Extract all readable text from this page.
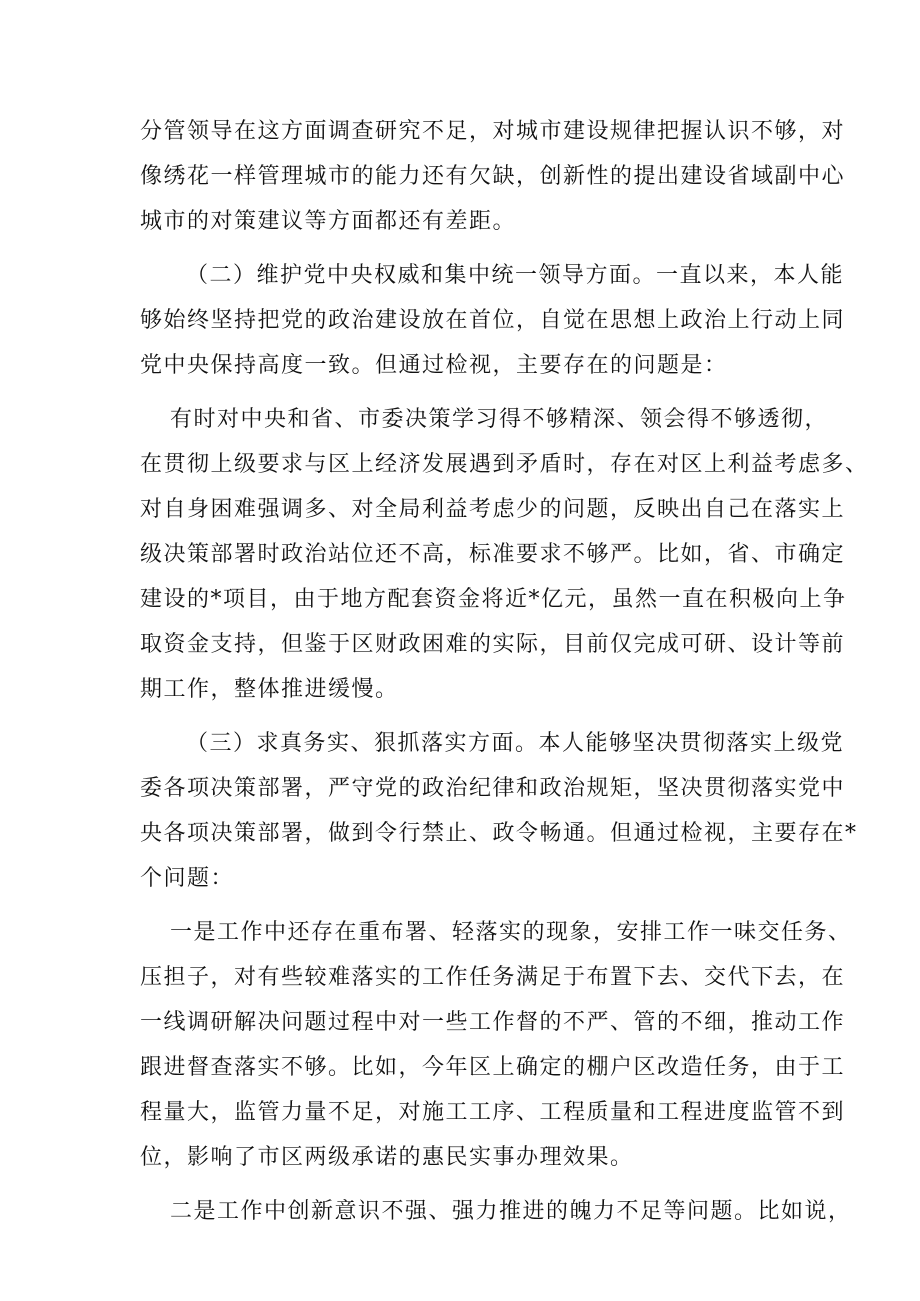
分管领导在这方面调查研究不足，对城市建设规律把握认识不够，对
像绣花一样管理城市的能力还有欠缺，创新性的提出建设省域副中心
城市的对策建议等方面都还有差距。
（二）维护党中央权威和集中统一领导方面。一直以来，本人能
够始终坚持把党的政治建设放在首位，自觉在思想上政治上行动上同
党中央保持高度一致。但通过检视，主要存在的问题是：
有时对中央和省、市委决策学习得不够精深、领会得不够透彻，
在贯彻上级要求与区上经济发展遇到矛盾时，存在对区上利益考虑多、
对自身困难强调多、对全局利益考虑少的问题，反映出自己在落实上
级决策部署时政治站位还不高，标准要求不够严。比如，省、市确定
建设的*项目，由于地方配套资金将近*亿元，虽然一直在积极向上争
取资金支持，但鉴于区财政困难的实际，目前仅完成可研、设计等前
期工作，整体推进缓慢。
（三）求真务实、狠抓落实方面。本人能够坚决贯彻落实上级党
委各项决策部署，严守党的政治纪律和政治规矩，坚决贯彻落实党中
央各项决策部署，做到令行禁止、政令畅通。但通过检视，主要存在*
个问题：
一是工作中还存在重布署、轻落实的现象，安排工作一味交任务、
压担子，对有些较难落实的工作任务满足于布置下去、交代下去，在
一线调研解决问题过程中对一些工作督的不严、管的不细，推动工作
跟进督查落实不够。比如，今年区上确定的棚户区改造任务，由于工
程量大，监管力量不足，对施工工序、工程质量和工程进度监管不到
位，影响了市区两级承诺的惠民实事办理效果。
二是工作中创新意识不强、强力推进的魄力不足等问题。比如说，
